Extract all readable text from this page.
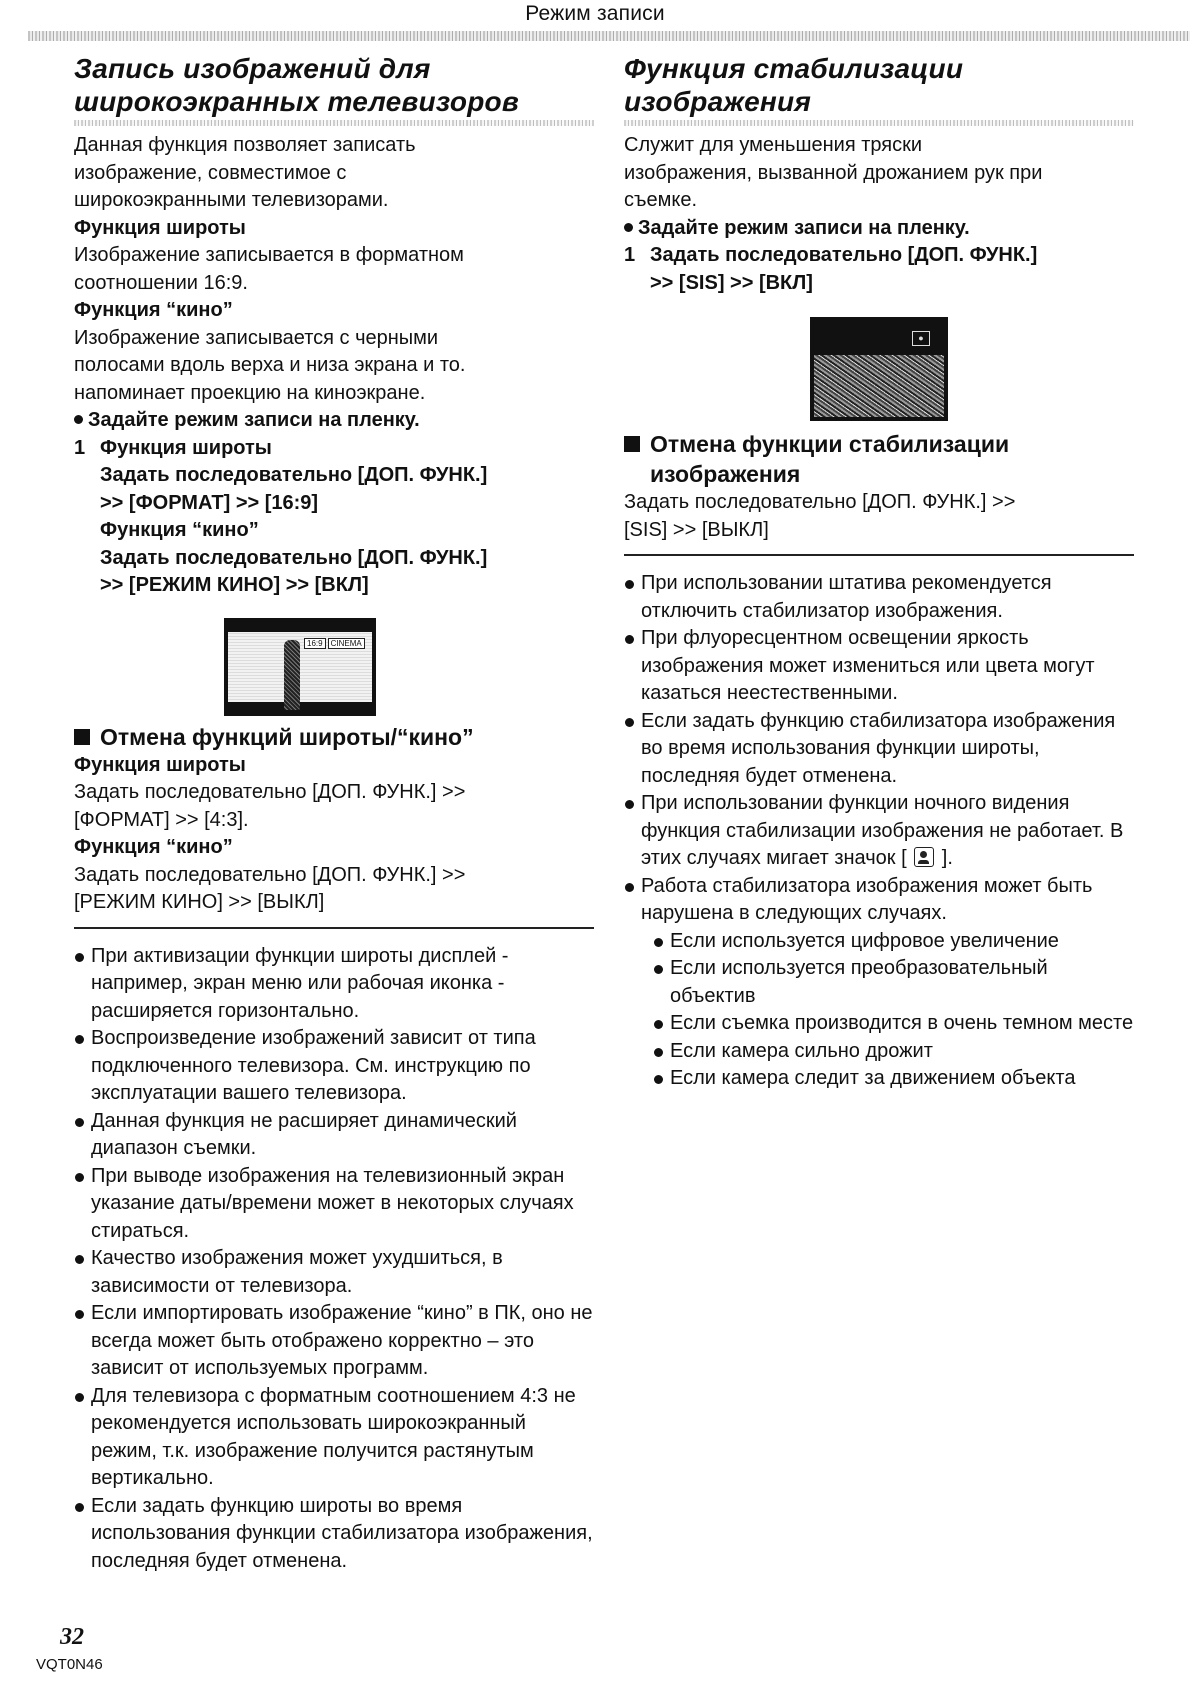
Режим записи
Запись изображений для
широкоэкранных телевизоров

Данная функция позволяет записать
изображение, совместимое с
широкоэкранными телевизорами.

Функция широты

Изображение записывается в форматном
соотношении 16:9.

Функция “кино”

Изображение записывается с черными
полосами вдоль верха и низа экрана и то.
напоминает проекцию на киноэкране.

Задайте режим записи на пленку.

1 Функция широты
Задать последовательно [ДОП. ФУНК.]
>> [ФОРМАТ] >> [16:9]
Функция “кино”
Задать последовательно [ДОП. ФУНК.]
>> [РЕЖИМ КИНО] >> [ВКЛ]
16:9	CINEMA
Отмена функций широты/“кино”

Функция широты

Задать последовательно [ДОП. ФУНК.] >>
[ФОРМАТ] >> [4:3].

Функция “кино”

Задать последовательно [ДОП. ФУНК.] >>
[РЕЖИМ КИНО] >> [ВЫКЛ]

При активизации функции широты дисплей - например, экран меню или рабочая иконка - расширяется горизонтально.
Воспроизведение изображений зависит от типа подключенного телевизора. См. инструкцию по эксплуатации вашего телевизора.
Данная функция не расширяет динамический диапазон съемки.
При выводе изображения на телевизионный экран указание даты/времени может в некоторых случаях стираться.
Качество изображения может ухудшиться, в зависимости от телевизора.
Если импортировать изображение “кино” в ПК, оно не всегда может быть отображено корректно – это зависит от используемых программ.
Для телевизора с форматным соотношением 4:3 не рекомендуется использовать широкоэкранный режим, т.к. изображение получится растянутым вертикально.
Если задать функцию широты во время использования функции стабилизатора изображения, последняя будет отменена.
Функция стабилизации
изображения

Служит для уменьшения тряски
изображения, вызванной дрожанием рук при
съемке.

Задайте режим записи на пленку.

1 Задать последовательно [ДОП. ФУНК.]
>> [SIS] >> [ВКЛ]
●
Отмена функции стабилизации
изображения

Задать последовательно [ДОП. ФУНК.] >>
[SIS] >> [ВЫКЛ]

При использовании штатива рекомендуется отключить стабилизатор изображения.
При флуоресцентном освещении яркость изображения может измениться или цвета могут казаться неестественными.
Если задать функцию стабилизатора изображения во время использования функции широты, последняя будет отменена.
При использовании функции ночного видения функция стабилизации изображения не работает. В этих случаях мигает значок [ ].
Работа стабилизатора изображения может быть нарушена в следующих случаях.
Если используется цифровое увеличение
Если используется преобразовательный объектив
Если съемка производится в очень темном месте
Если камера сильно дрожит
Если камера следит за движением объекта
32
VQT0N46
